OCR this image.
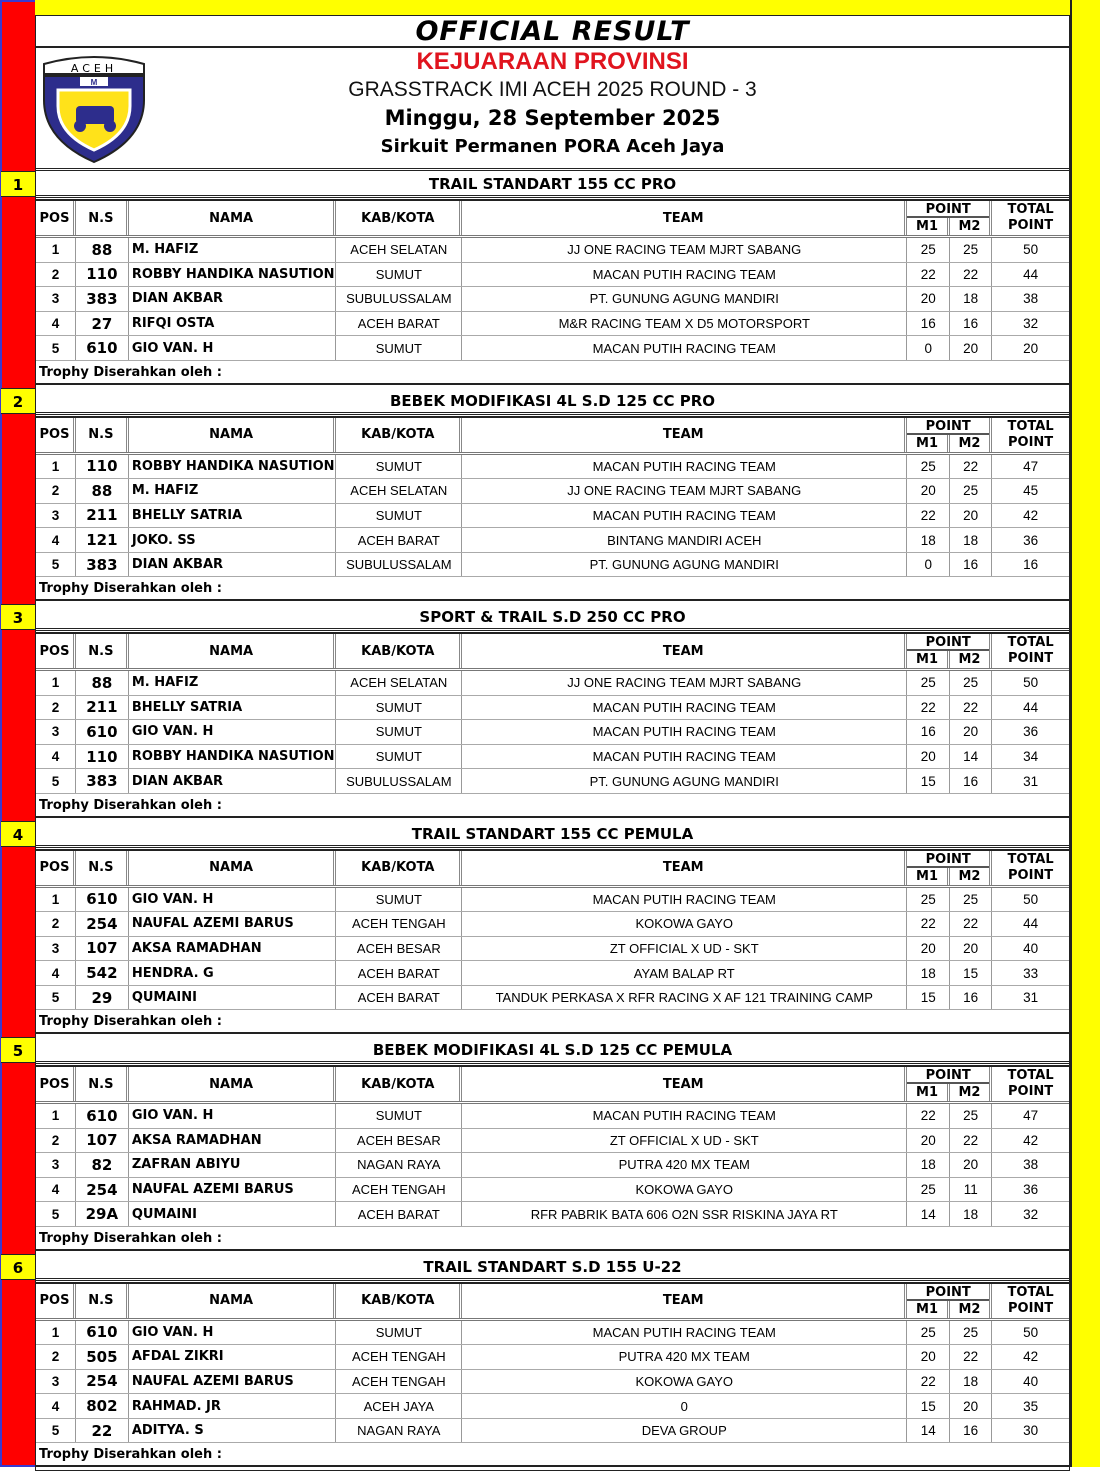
OFFICIAL RESULT
ACEH
M
KEJUARAAN PROVINSI
GRASSTRACK IMI ACEH 2025 ROUND - 3
Minggu, 28 September 2025
Sirkuit Permanen PORA Aceh Jaya
1	TRAIL STANDART 155 CC PRO
POS	N.S	NAMA	KAB/KOTA	TEAM
POINT
M1	M2
TOTAL
POINT
1	88	M. HAFIZ	ACEH SELATAN	JJ ONE RACING TEAM MJRT SABANG	25	25	50
2	110	ROBBY HANDIKA NASUTION	SUMUT	MACAN PUTIH RACING TEAM	22	22	44
3	383	DIAN AKBAR	SUBULUSSALAM	PT. GUNUNG AGUNG MANDIRI	20	18	38
4	27	RIFQI OSTA	ACEH BARAT	M&R RACING TEAM X D5 MOTORSPORT	16	16	32
5	610	GIO VAN. H	SUMUT	MACAN PUTIH RACING TEAM	0	20	20
Trophy Diserahkan oleh :
2	BEBEK MODIFIKASI 4L S.D 125 CC PRO
POS	N.S	NAMA	KAB/KOTA	TEAM
POINT
M1	M2
TOTAL
POINT
1	110	ROBBY HANDIKA NASUTION	SUMUT	MACAN PUTIH RACING TEAM	25	22	47
2	88	M. HAFIZ	ACEH SELATAN	JJ ONE RACING TEAM MJRT SABANG	20	25	45
3	211	BHELLY SATRIA	SUMUT	MACAN PUTIH RACING TEAM	22	20	42
4	121	JOKO. SS	ACEH BARAT	BINTANG MANDIRI ACEH	18	18	36
5	383	DIAN AKBAR	SUBULUSSALAM	PT. GUNUNG AGUNG MANDIRI	0	16	16
Trophy Diserahkan oleh :
3	SPORT & TRAIL S.D 250 CC PRO
POS	N.S	NAMA	KAB/KOTA	TEAM
POINT
M1	M2
TOTAL
POINT
1	88	M. HAFIZ	ACEH SELATAN	JJ ONE RACING TEAM MJRT SABANG	25	25	50
2	211	BHELLY SATRIA	SUMUT	MACAN PUTIH RACING TEAM	22	22	44
3	610	GIO VAN. H	SUMUT	MACAN PUTIH RACING TEAM	16	20	36
4	110	ROBBY HANDIKA NASUTION	SUMUT	MACAN PUTIH RACING TEAM	20	14	34
5	383	DIAN AKBAR	SUBULUSSALAM	PT. GUNUNG AGUNG MANDIRI	15	16	31
Trophy Diserahkan oleh :
4	TRAIL STANDART 155 CC PEMULA
POS	N.S	NAMA	KAB/KOTA	TEAM
POINT
M1	M2
TOTAL
POINT
1	610	GIO VAN. H	SUMUT	MACAN PUTIH RACING TEAM	25	25	50
2	254	NAUFAL AZEMI BARUS	ACEH TENGAH	KOKOWA GAYO	22	22	44
3	107	AKSA RAMADHAN	ACEH BESAR	ZT OFFICIAL X UD - SKT	20	20	40
4	542	HENDRA. G	ACEH BARAT	AYAM BALAP RT	18	15	33
5	29	QUMAINI	ACEH BARAT	TANDUK PERKASA X RFR RACING X AF 121 TRAINING CAMP	15	16	31
Trophy Diserahkan oleh :
5	BEBEK MODIFIKASI 4L S.D 125 CC PEMULA
POS	N.S	NAMA	KAB/KOTA	TEAM
POINT
M1	M2
TOTAL
POINT
1	610	GIO VAN. H	SUMUT	MACAN PUTIH RACING TEAM	22	25	47
2	107	AKSA RAMADHAN	ACEH BESAR	ZT OFFICIAL X UD - SKT	20	22	42
3	82	ZAFRAN ABIYU	NAGAN RAYA	PUTRA 420 MX TEAM	18	20	38
4	254	NAUFAL AZEMI BARUS	ACEH TENGAH	KOKOWA GAYO	25	11	36
5	29A	QUMAINI	ACEH BARAT	RFR PABRIK BATA 606 O2N SSR RISKINA JAYA RT	14	18	32
Trophy Diserahkan oleh :
6	TRAIL STANDART S.D 155 U-22
POS	N.S	NAMA	KAB/KOTA	TEAM
POINT
M1	M2
TOTAL
POINT
1	610	GIO VAN. H	SUMUT	MACAN PUTIH RACING TEAM	25	25	50
2	505	AFDAL ZIKRI	ACEH TENGAH	PUTRA 420 MX TEAM	20	22	42
3	254	NAUFAL AZEMI BARUS	ACEH TENGAH	KOKOWA GAYO	22	18	40
4	802	RAHMAD. JR	ACEH JAYA	0	15	20	35
5	22	ADITYA. S	NAGAN RAYA	DEVA GROUP	14	16	30
Trophy Diserahkan oleh :
